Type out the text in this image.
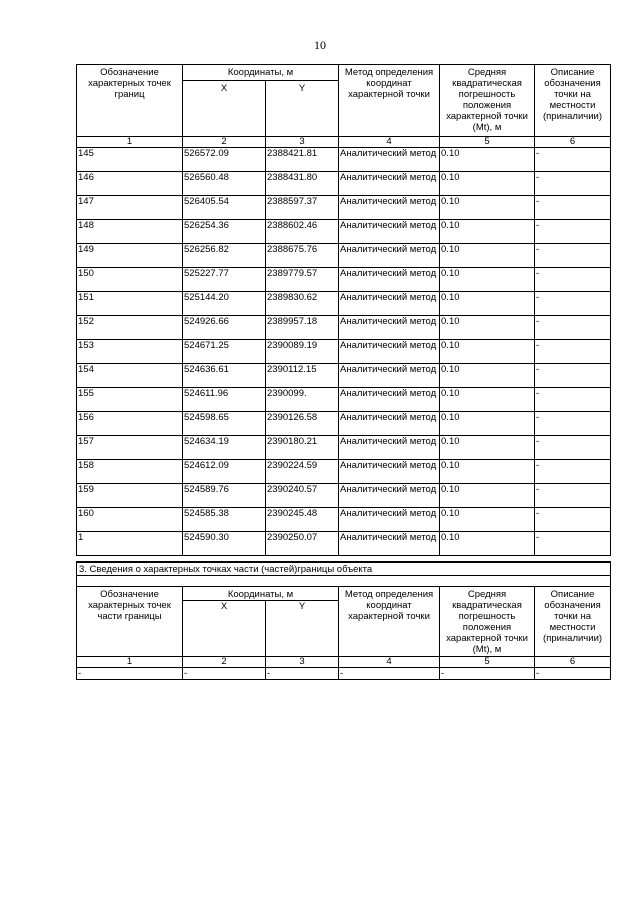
10
Обозначение характерных точек границ	Координаты, м		Метод определения координат характерной точки	Средняя квадратическая погрешность положения характерной точки (Mt), м	Описание обозначения точки на местности (приналичии)
	X	Y			
1	2	3	4	5	6
145	526572.09	2388421.81	Аналитический метод	0.10	-
146	526560.48	2388431.80	Аналитический метод	0.10	-
147	526405.54	2388597.37	Аналитический метод	0.10	-
148	526254.36	2388602.46	Аналитический метод	0.10	-
149	526256.82	2388675.76	Аналитический метод	0.10	-
150	525227.77	2389779.57	Аналитический метод	0.10	-
151	525144.20	2389830.62	Аналитический метод	0.10	-
152	524926.66	2389957.18	Аналитический метод	0.10	-
153	524671.25	2390089.19	Аналитический метод	0.10	-
154	524636.61	2390112.15	Аналитический метод	0.10	-
155	524611.96	2390099.	Аналитический метод	0.10	-
156	524598.65	2390126.58	Аналитический метод	0.10	-
157	524634.19	2390180.21	Аналитический метод	0.10	-
158	524612.09	2390224.59	Аналитический метод	0.10	-
159	524589.76	2390240.57	Аналитический метод	0.10	-
160	524585.38	2390245.48	Аналитический метод	0.10	-
1	524590.30	2390250.07	Аналитический метод	0.10	-
3. Сведения о характерных точках части (частей)границы объекта					

Обозначение характерных точек части границы	Координаты, м		Метод определения координат характерной точки	Средняя квадратическая погрешность положения характерной точки (Mt), м	Описание обозначения точки на местности (приналичии)
	X	Y			
1	2	3	4	5	6
-	-	-	-	-	-
